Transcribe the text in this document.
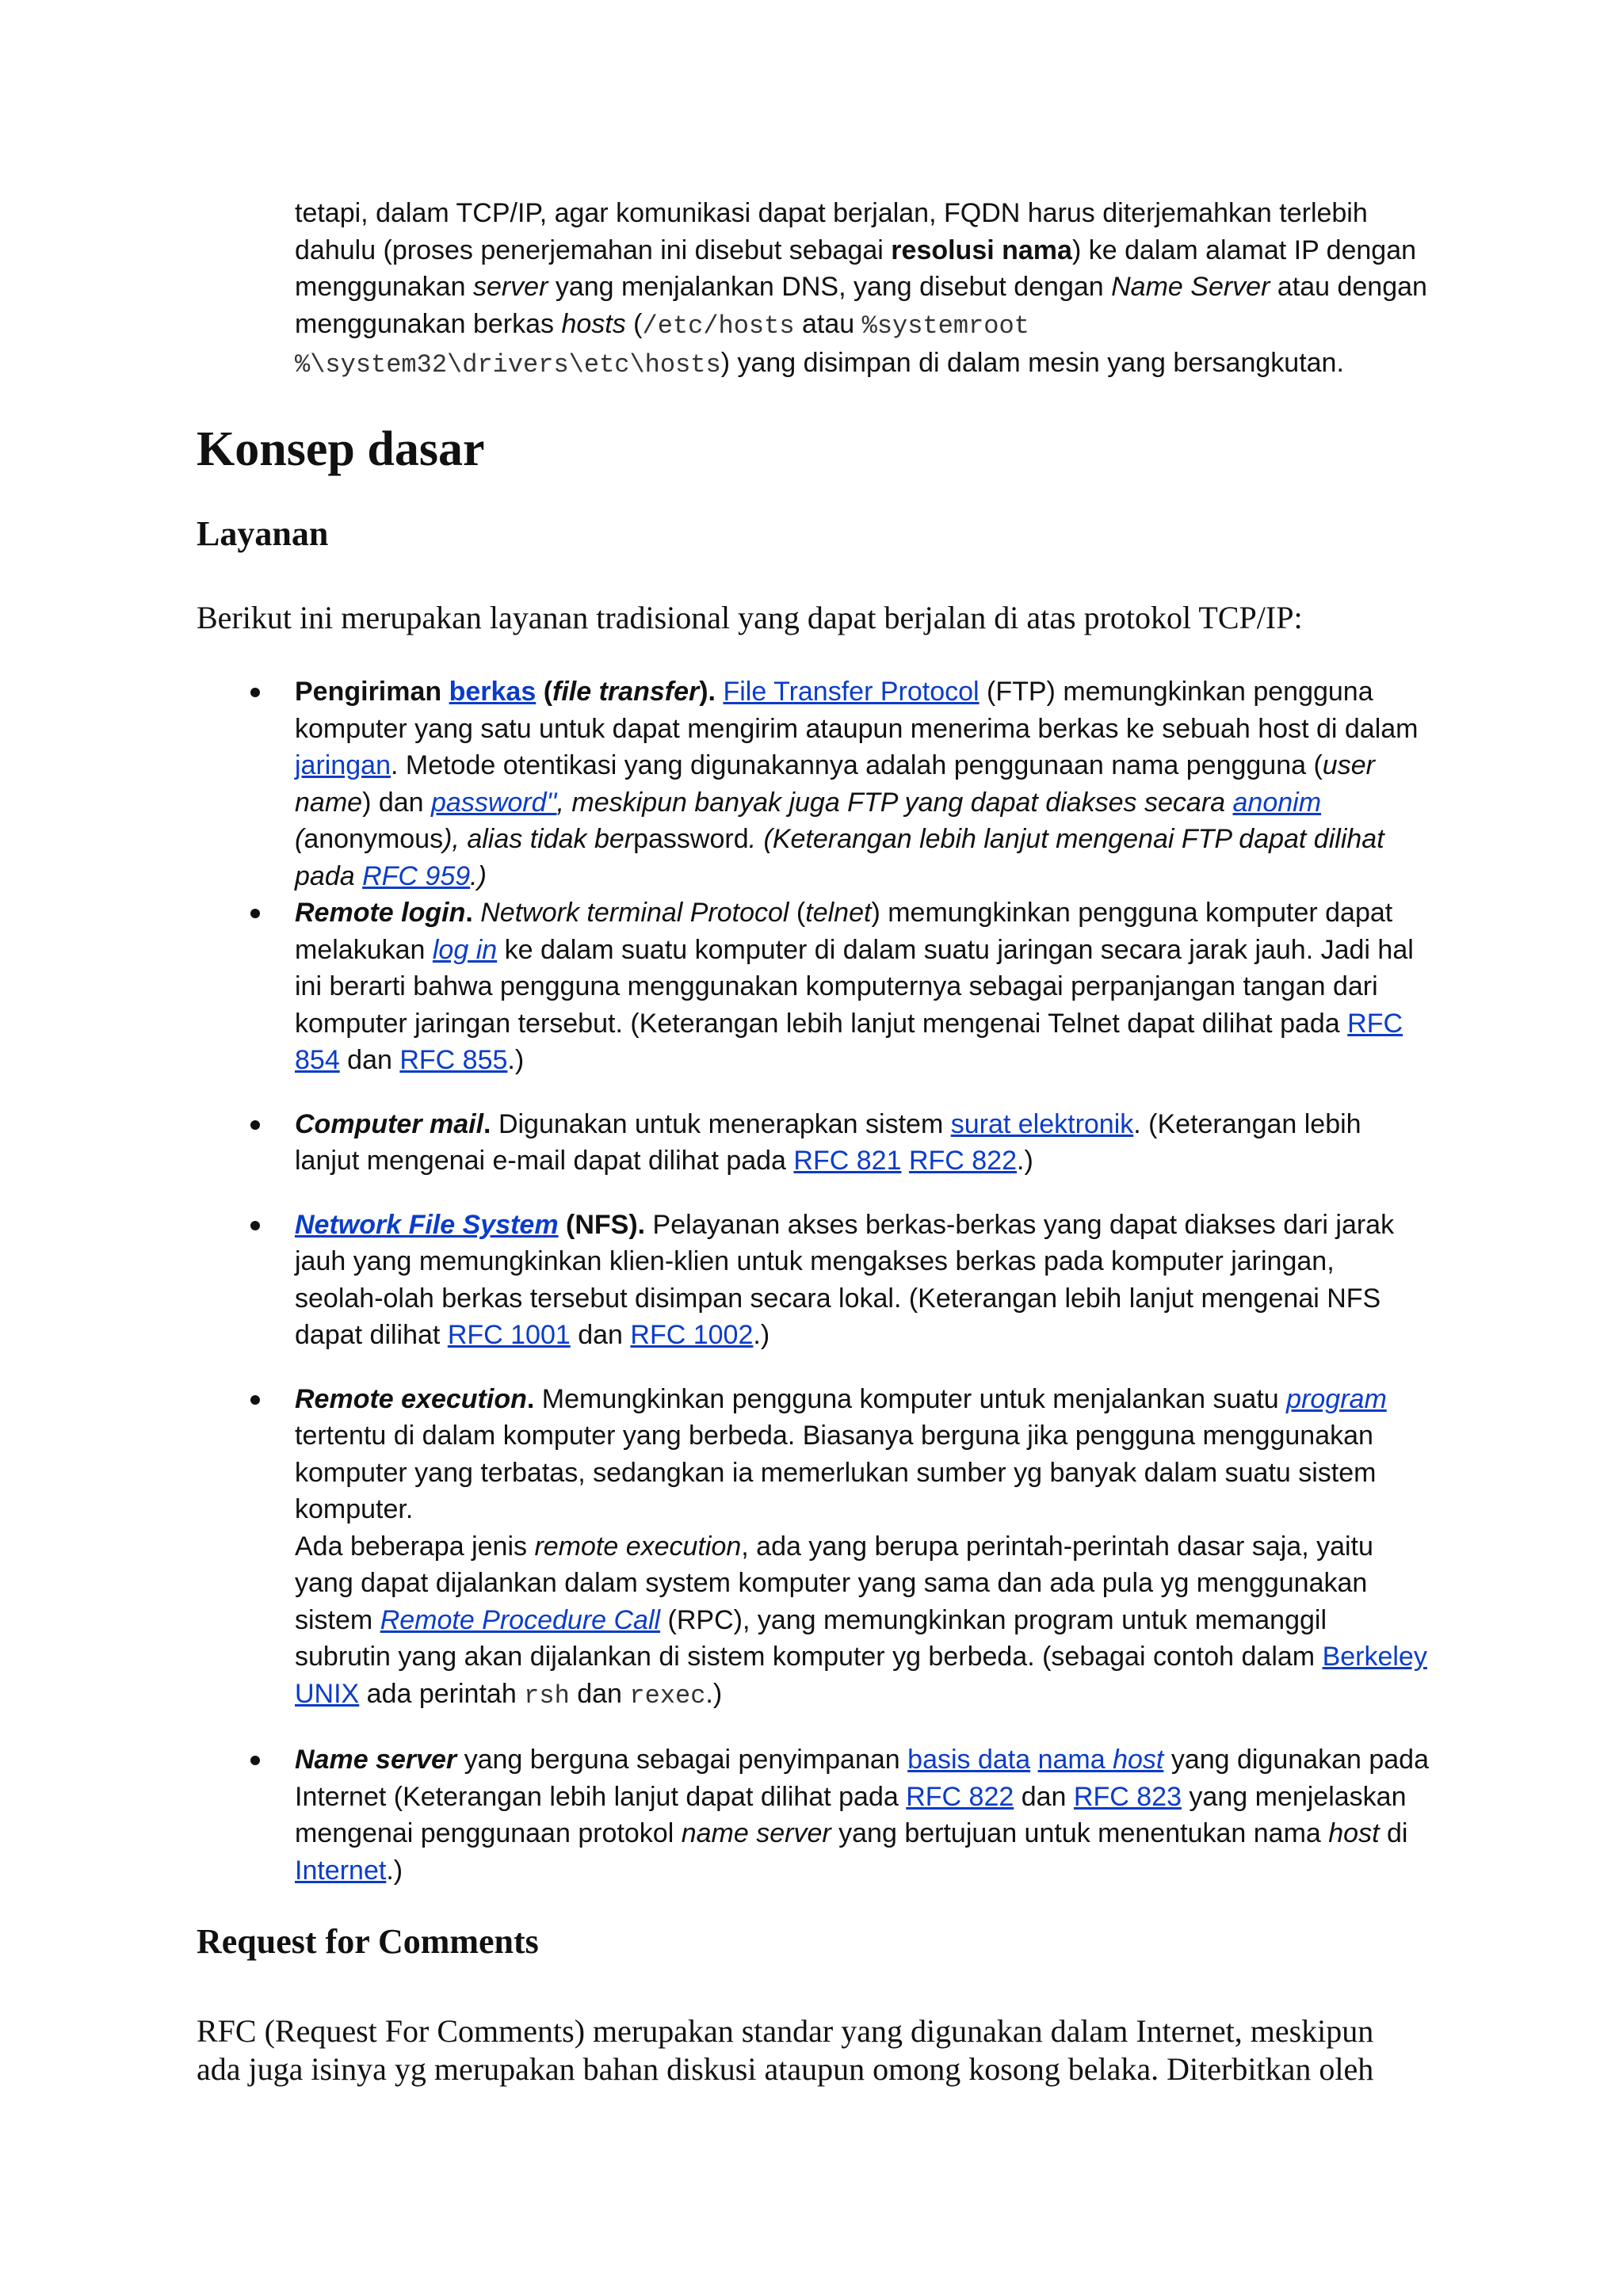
tetapi, dalam TCP/IP, agar komunikasi dapat berjalan, FQDN harus diterjemahkan terlebih dahulu (proses penerjemahan ini disebut sebagai resolusi nama) ke dalam alamat IP dengan menggunakan server yang menjalankan DNS, yang disebut dengan Name Server atau dengan menggunakan berkas hosts (/etc/hosts atau %systemroot %\system32\drivers\etc\hosts) yang disimpan di dalam mesin yang bersangkutan.

Konsep dasar
Layanan

Berikut ini merupakan layanan tradisional yang dapat berjalan di atas protokol TCP/IP:

Pengiriman berkas (file transfer). File Transfer Protocol (FTP) memungkinkan pengguna komputer yang satu untuk dapat mengirim ataupun menerima berkas ke sebuah host di dalam jaringan. Metode otentikasi yang digunakannya adalah penggunaan nama pengguna (user name) dan password'', meskipun banyak juga FTP yang dapat diakses secara anonim (anonymous), alias tidak berpassword. (Keterangan lebih lanjut mengenai FTP dapat dilihat pada RFC 959.)
Remote login. Network terminal Protocol (telnet) memungkinkan pengguna komputer dapat melakukan log in ke dalam suatu komputer di dalam suatu jaringan secara jarak jauh. Jadi hal ini berarti bahwa pengguna menggunakan komputernya sebagai perpanjangan tangan dari komputer jaringan tersebut. (Keterangan lebih lanjut mengenai Telnet dapat dilihat pada RFC 854 dan RFC 855.)
Computer mail. Digunakan untuk menerapkan sistem surat elektronik. (Keterangan lebih lanjut mengenai e-mail dapat dilihat pada RFC 821 RFC 822.)
Network File System (NFS). Pelayanan akses berkas-berkas yang dapat diakses dari jarak jauh yang memungkinkan klien-klien untuk mengakses berkas pada komputer jaringan, seolah-olah berkas tersebut disimpan secara lokal. (Keterangan lebih lanjut mengenai NFS dapat dilihat RFC 1001 dan RFC 1002.)
Remote execution. Memungkinkan pengguna komputer untuk menjalankan suatu program tertentu di dalam komputer yang berbeda. Biasanya berguna jika pengguna menggunakan komputer yang terbatas, sedangkan ia memerlukan sumber yg banyak dalam suatu sistem komputer.
Ada beberapa jenis remote execution, ada yang berupa perintah-perintah dasar saja, yaitu yang dapat dijalankan dalam system komputer yang sama dan ada pula yg menggunakan sistem Remote Procedure Call (RPC), yang memungkinkan program untuk memanggil subrutin yang akan dijalankan di sistem komputer yg berbeda. (sebagai contoh dalam Berkeley UNIX ada perintah rsh dan rexec.)
Name server yang berguna sebagai penyimpanan basis data nama host yang digunakan pada Internet (Keterangan lebih lanjut dapat dilihat pada RFC 822 dan RFC 823 yang menjelaskan mengenai penggunaan protokol name server yang bertujuan untuk menentukan nama host di Internet.)
Request for Comments

RFC (Request For Comments) merupakan standar yang digunakan dalam Internet, meskipun ada juga isinya yg merupakan bahan diskusi ataupun omong kosong belaka. Diterbitkan oleh
